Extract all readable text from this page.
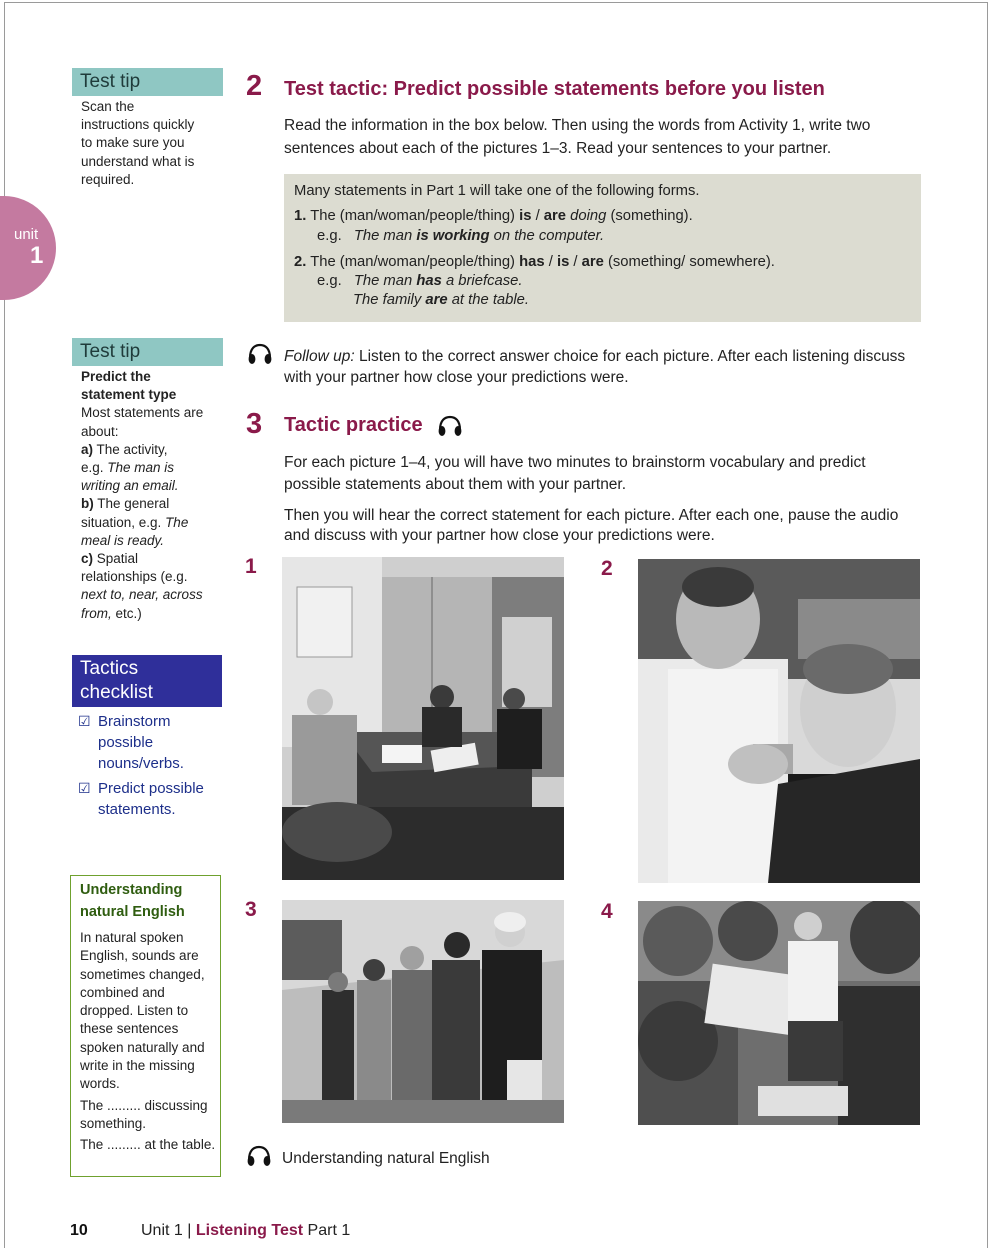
Test tip
Scan the
instructions quickly
to make sure you
understand what is
required.
unit
1
Test tip
Predict the
statement type
Most statements are
about:
a) The activity,
e.g. The man is
writing an email.
b) The general
situation, e.g. The
meal is ready.
c) Spatial
relationships (e.g.
next to, near, across
from, etc.)
Tactics
checklist
☑ Brainstorm possible nouns/verbs.
☑ Predict possible statements.
Understanding natural English

In natural spoken English, sounds are sometimes changed, combined and dropped. Listen to these sentences spoken naturally and write in the missing words.

The ......... discussing something.

The ......... at the table.

2 Test tactic: Predict possible statements before you listen
Read the information in the box below. Then using the words from Activity 1, write two sentences about each of the pictures 1–3. Read your sentences to your partner.
Many statements in Part 1 will take one of the following forms.
1. The (man/woman/people/thing) is / are doing (something).
e.g. The man is working on the computer.
2. The (man/woman/people/thing) has / is / are (something/ somewhere).
e.g. The man has a briefcase.
The family are at the table.
Follow up: Listen to the correct answer choice for each picture. After each listening discuss with your partner how close your predictions were.
3 Tactic practice
For each picture 1–4, you will have two minutes to brainstorm vocabulary and predict possible statements about them with your partner.
Then you will hear the correct statement for each picture. After each one, pause the audio and discuss with your partner how close your predictions were.
1	2
3	4
Understanding natural English
10	Unit 1 | Listening Test Part 1
